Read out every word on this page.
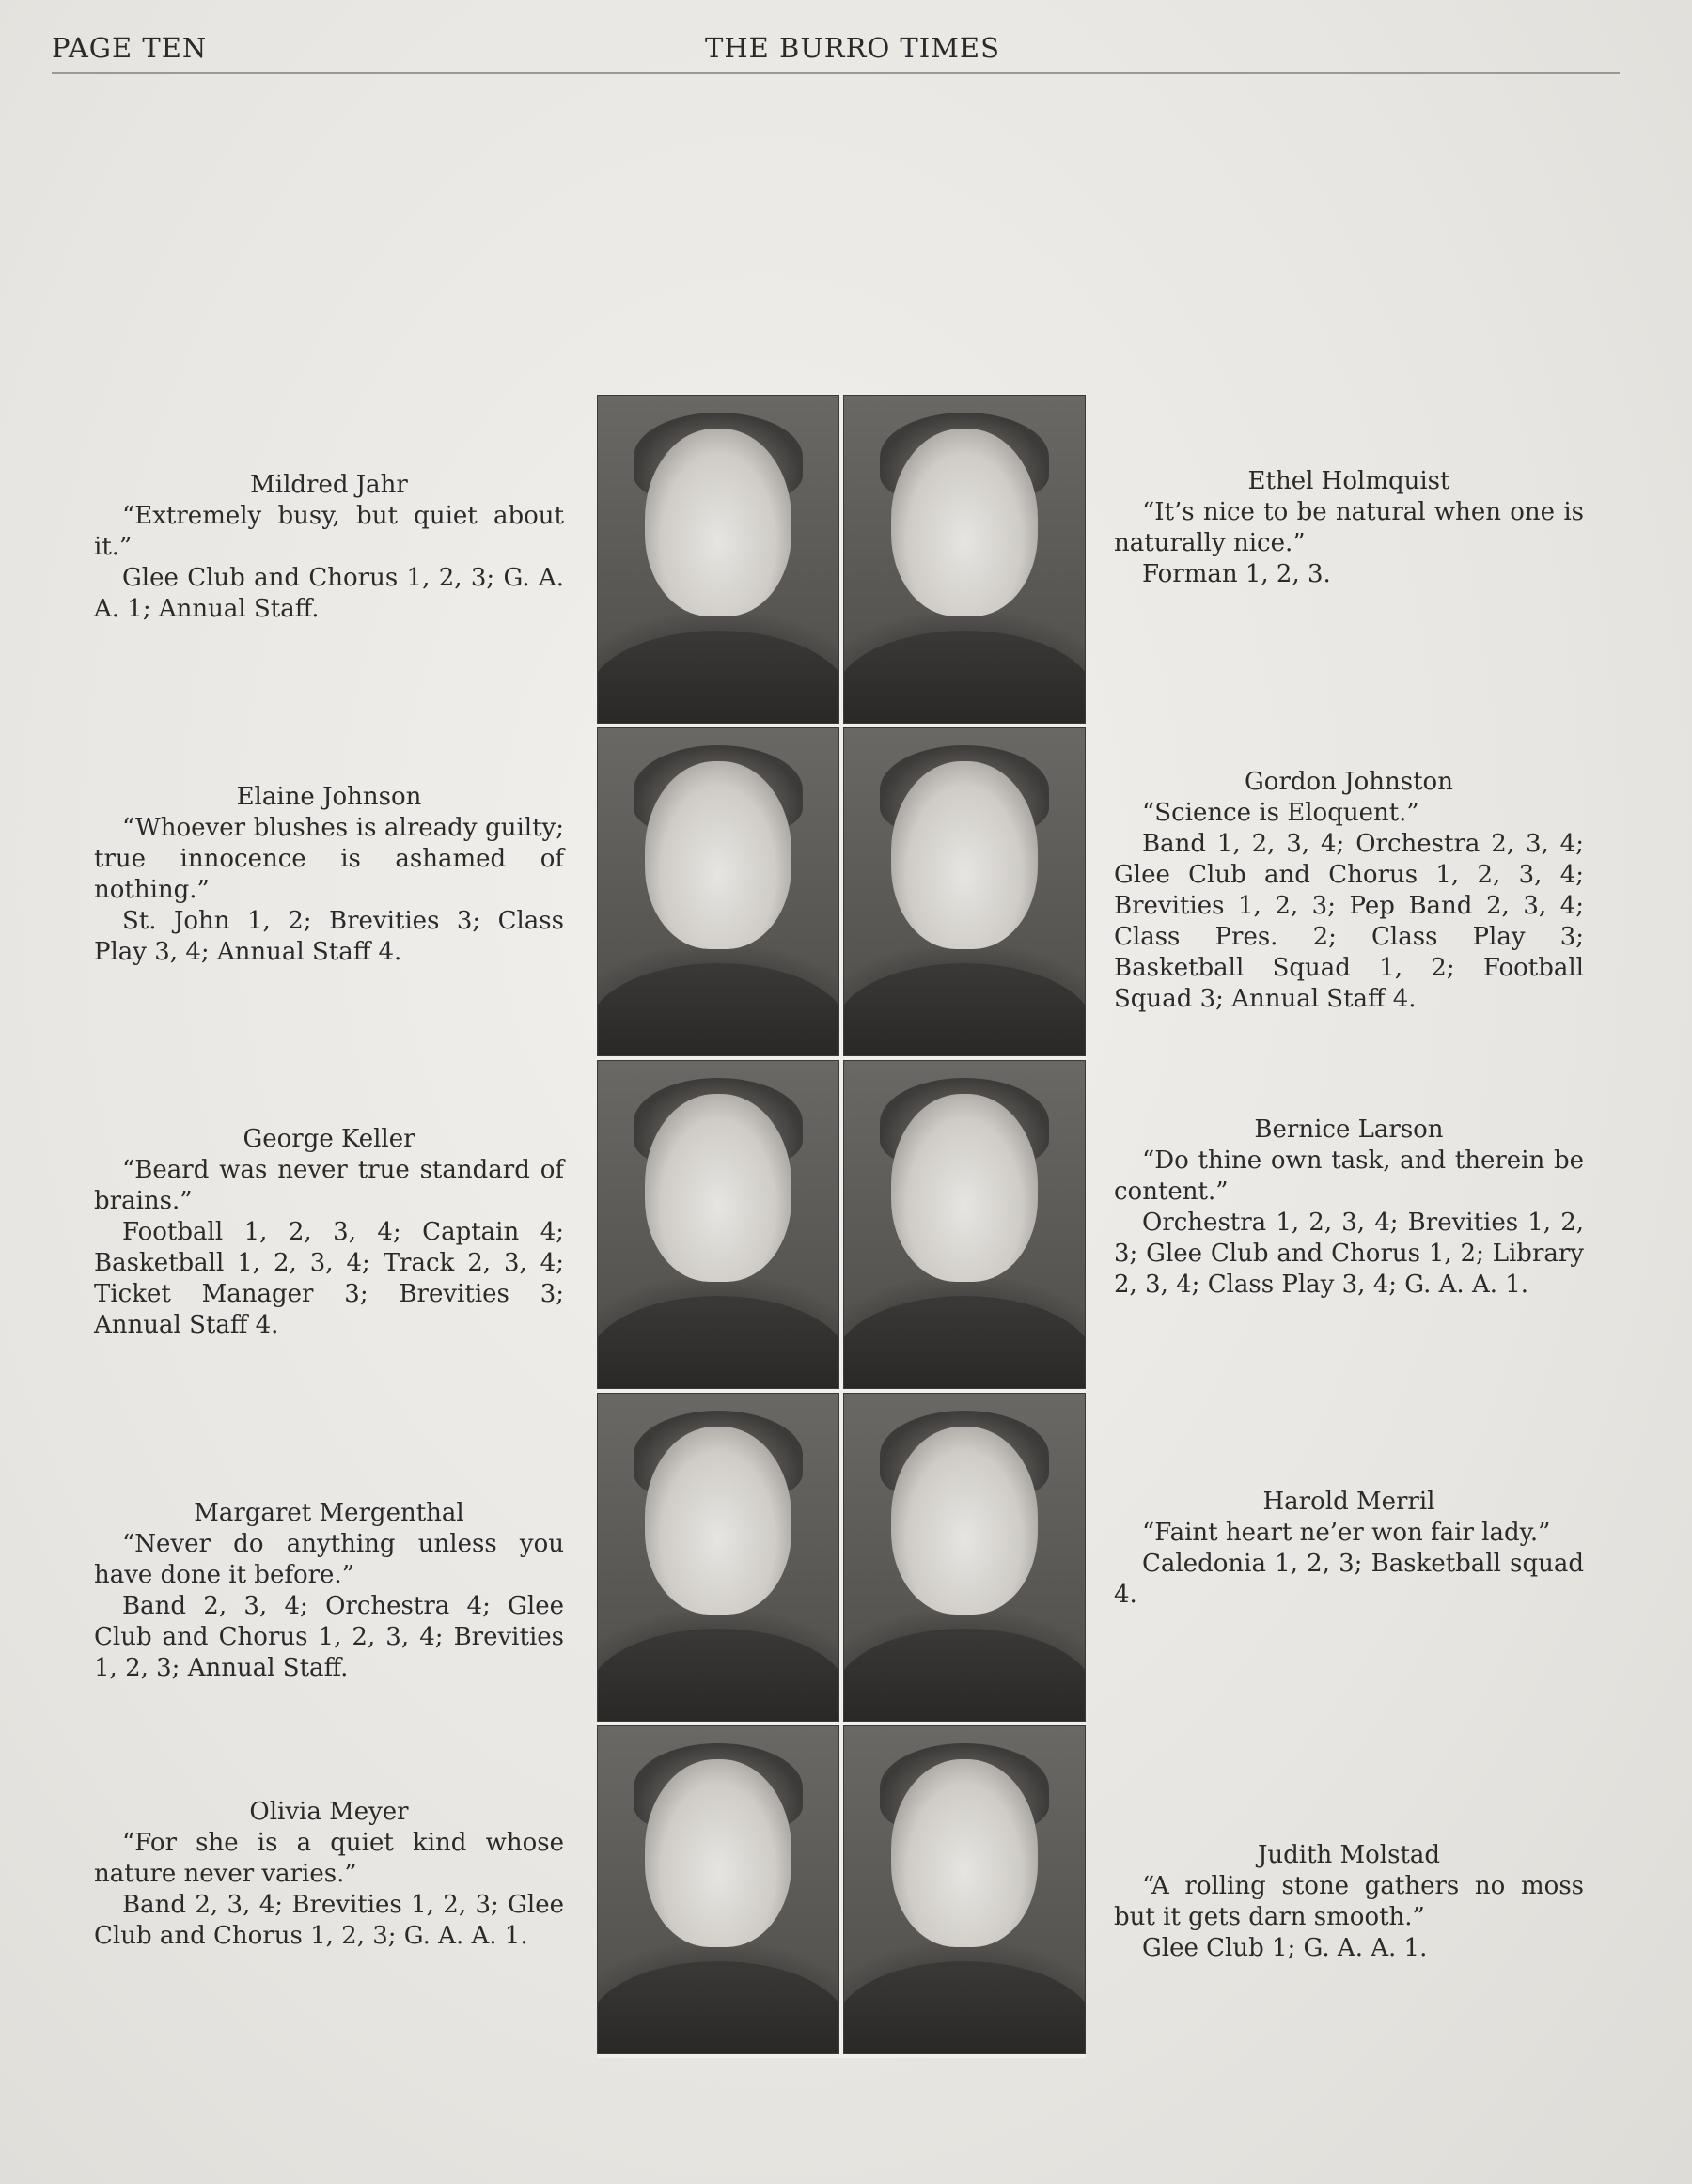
PAGE TEN	THE BURRO TIMES
Mildred Jahr
“Extremely busy, but quiet about it.”
Glee Club and Chorus 1, 2, 3; G. A. A. 1; Annual Staff.
Elaine Johnson
“Whoever blushes is already guilty; true innocence is ashamed of nothing.”
St. John 1, 2; Brevities 3; Class Play 3, 4; Annual Staff 4.
George Keller
“Beard was never true standard of brains.”
Football 1, 2, 3, 4; Captain 4; Basketball 1, 2, 3, 4; Track 2, 3, 4; Ticket Manager 3; Brevities 3; Annual Staff 4.
Margaret Mergenthal
“Never do anything unless you have done it before.”
Band 2, 3, 4; Orchestra 4; Glee Club and Chorus 1, 2, 3, 4; Brevities 1, 2, 3; Annual Staff.
Olivia Meyer
“For she is a quiet kind whose nature never varies.”
Band 2, 3, 4; Brevities 1, 2, 3; Glee Club and Chorus 1, 2, 3; G. A. A. 1.
Ethel Holmquist
“It’s nice to be natural when one is naturally nice.”
Forman 1, 2, 3.
Gordon Johnston
“Science is Eloquent.”
Band 1, 2, 3, 4; Orchestra 2, 3, 4; Glee Club and Chorus 1, 2, 3, 4; Brevities 1, 2, 3; Pep Band 2, 3, 4; Class Pres. 2; Class Play 3; Basketball Squad 1, 2; Football Squad 3; Annual Staff 4.
Bernice Larson
“Do thine own task, and therein be content.”
Orchestra 1, 2, 3, 4; Brevities 1, 2, 3; Glee Club and Chorus 1, 2; Library 2, 3, 4; Class Play 3, 4; G. A. A. 1.
Harold Merril
“Faint heart ne’er won fair lady.”
Caledonia 1, 2, 3; Basketball squad 4.
Judith Molstad
“A rolling stone gathers no moss but it gets darn smooth.”
Glee Club 1; G. A. A. 1.
